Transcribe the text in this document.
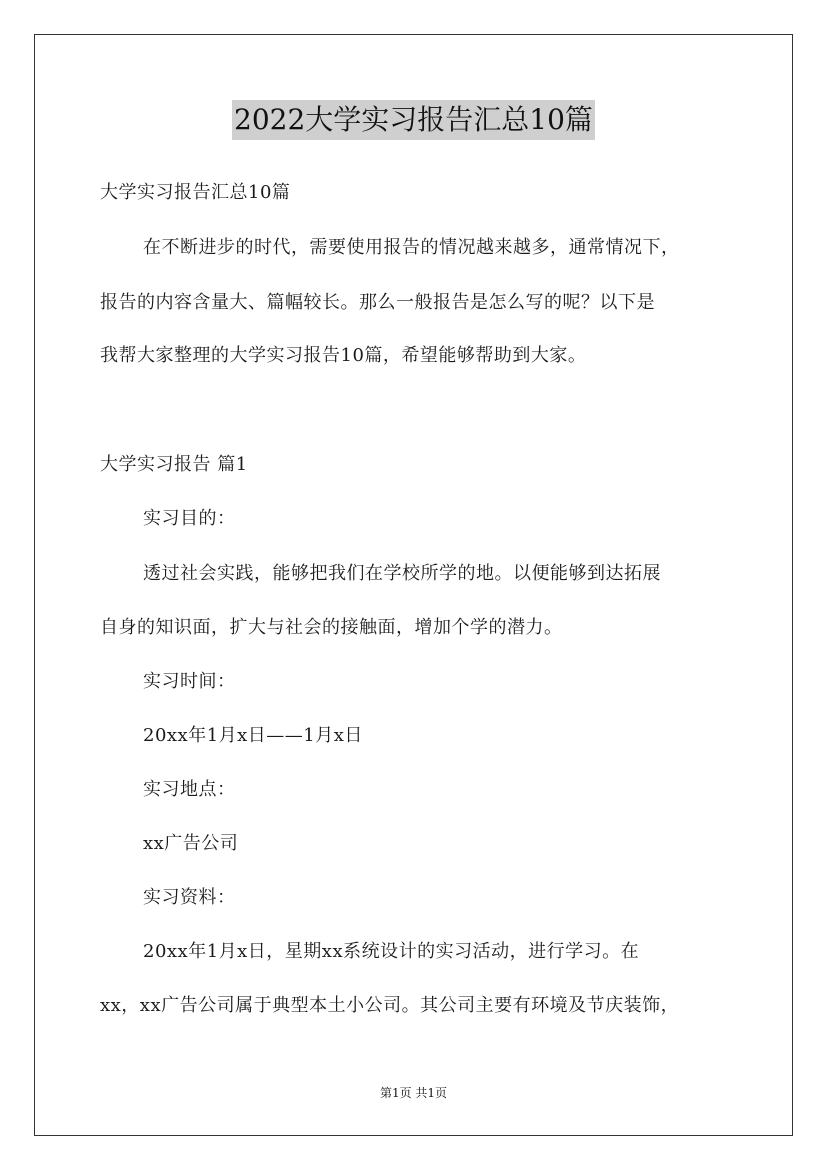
2022大学实习报告汇总10篇
大学实习报告汇总10篇
在不断进步的时代，需要使用报告的情况越来越多，通常情况下，
报告的内容含量大、篇幅较长。那么一般报告是怎么写的呢？以下是
我帮大家整理的大学实习报告10篇，希望能够帮助到大家。
大学实习报告 篇1
实习目的：
透过社会实践，能够把我们在学校所学的地。以便能够到达拓展
自身的知识面，扩大与社会的接触面，增加个学的潜力。
实习时间：
20xx年1月x日——1月x日
实习地点：
xx广告公司
实习资料：
20xx年1月x日，星期xx系统设计的实习活动，进行学习。在
xx，xx广告公司属于典型本土小公司。其公司主要有环境及节庆装饰，
第1页 共1页
